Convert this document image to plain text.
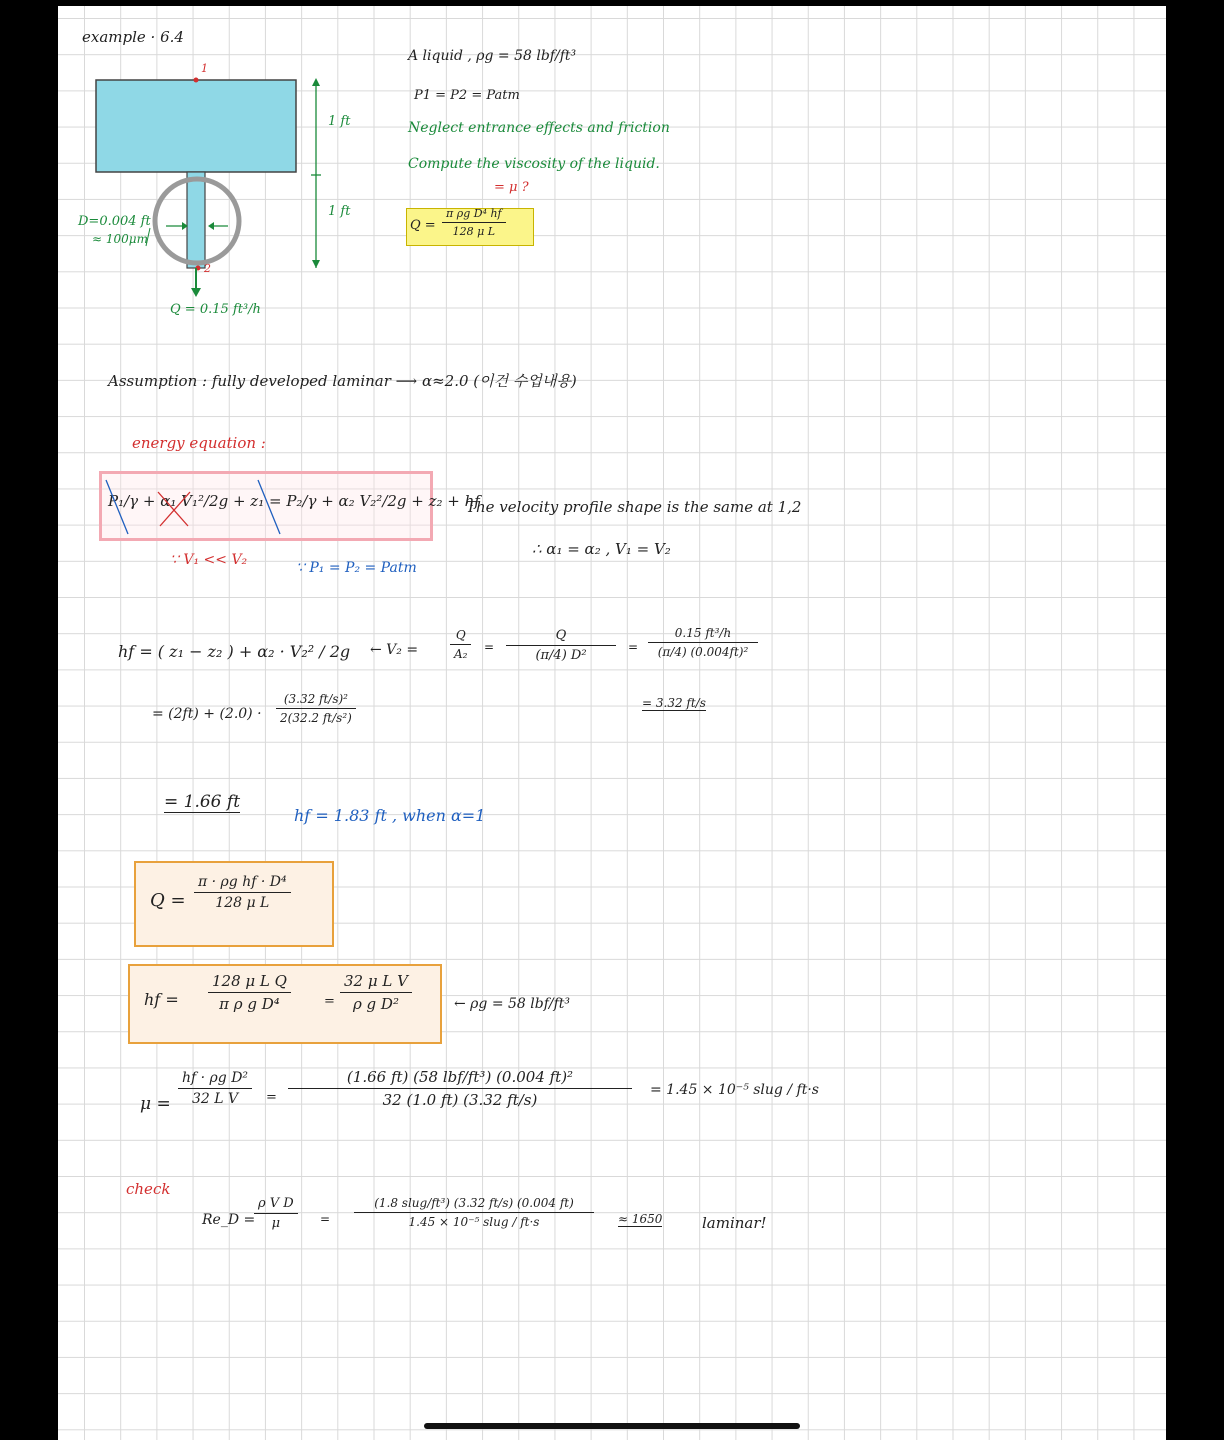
example · 6.4
1
2
1 ft
1 ft
D=0.004 ft
≈ 100μm
Q = 0.15 ft³/h
A liquid , ρg = 58 lbf/ft³
P1 = P2 = Patm
Neglect entrance effects and friction
Compute the viscosity of the liquid.
= μ ?
$Q = \frac{\text{π ρg D⁴ hf}}{\text{128 μ L}}$
Assumption : fully developed laminar ⟶ α≈2.0 (이건 수업내용)
energy equation :
P₁/γ + α₁ V₁²/2g + z₁ = P₂/γ + α₂ V₂²/2g + z₂ + hf
∵ V₁ << V₂	∵ P₁ = P₂ = Patm
The velocity profile shape is the same at 1,2
∴ α₁ = α₂ , V₁ = V₂
hf = ( z₁ − z₂ ) + α₂ · V₂² / 2g ← V₂ =	$\frac{Q}{\text{A₂}} = \frac{Q}{\text{(π/4) D²}} = \frac{\text{0.15 ft³/h}}{\text{(π/4) (0.004ft)²}}$
= 3.32 ft/s
= $(2ft) + (2.0) \cdot \frac{\text{(3.32 ft/s)²}}{\text{2(32.2 ft/s²)}}$
= 1.66 ft
hf = 1.83 ft , when α=1
$Q = \frac{\text{π · ρg hf · D⁴}}{\text{128 μ L}}$
hf = $\frac{\text{128 μ L Q}}{\text{π ρ g D⁴}}$	= $\frac{\text{32 μ L V}}{\text{ρ g D²}}$	← ρg = 58 lbf/ft³
$\mu = \frac{\text{hf · ρg D²}}{\text{32 L V}}$ =
(1.66 ft) (58 lbf/ft³) (0.004 ft)²
32 (1.0 ft) (3.32 ft/s)
= 1.45 × 10⁻⁵ slug / ft·s
check
Re_D =
$\frac{\text{ρ V D}}{\mu}$ =
(1.8 slug/ft³) (3.32 ft/s) (0.004 ft)
1.45 × 10⁻⁵ slug / ft·s	≈ 1650	laminar!
